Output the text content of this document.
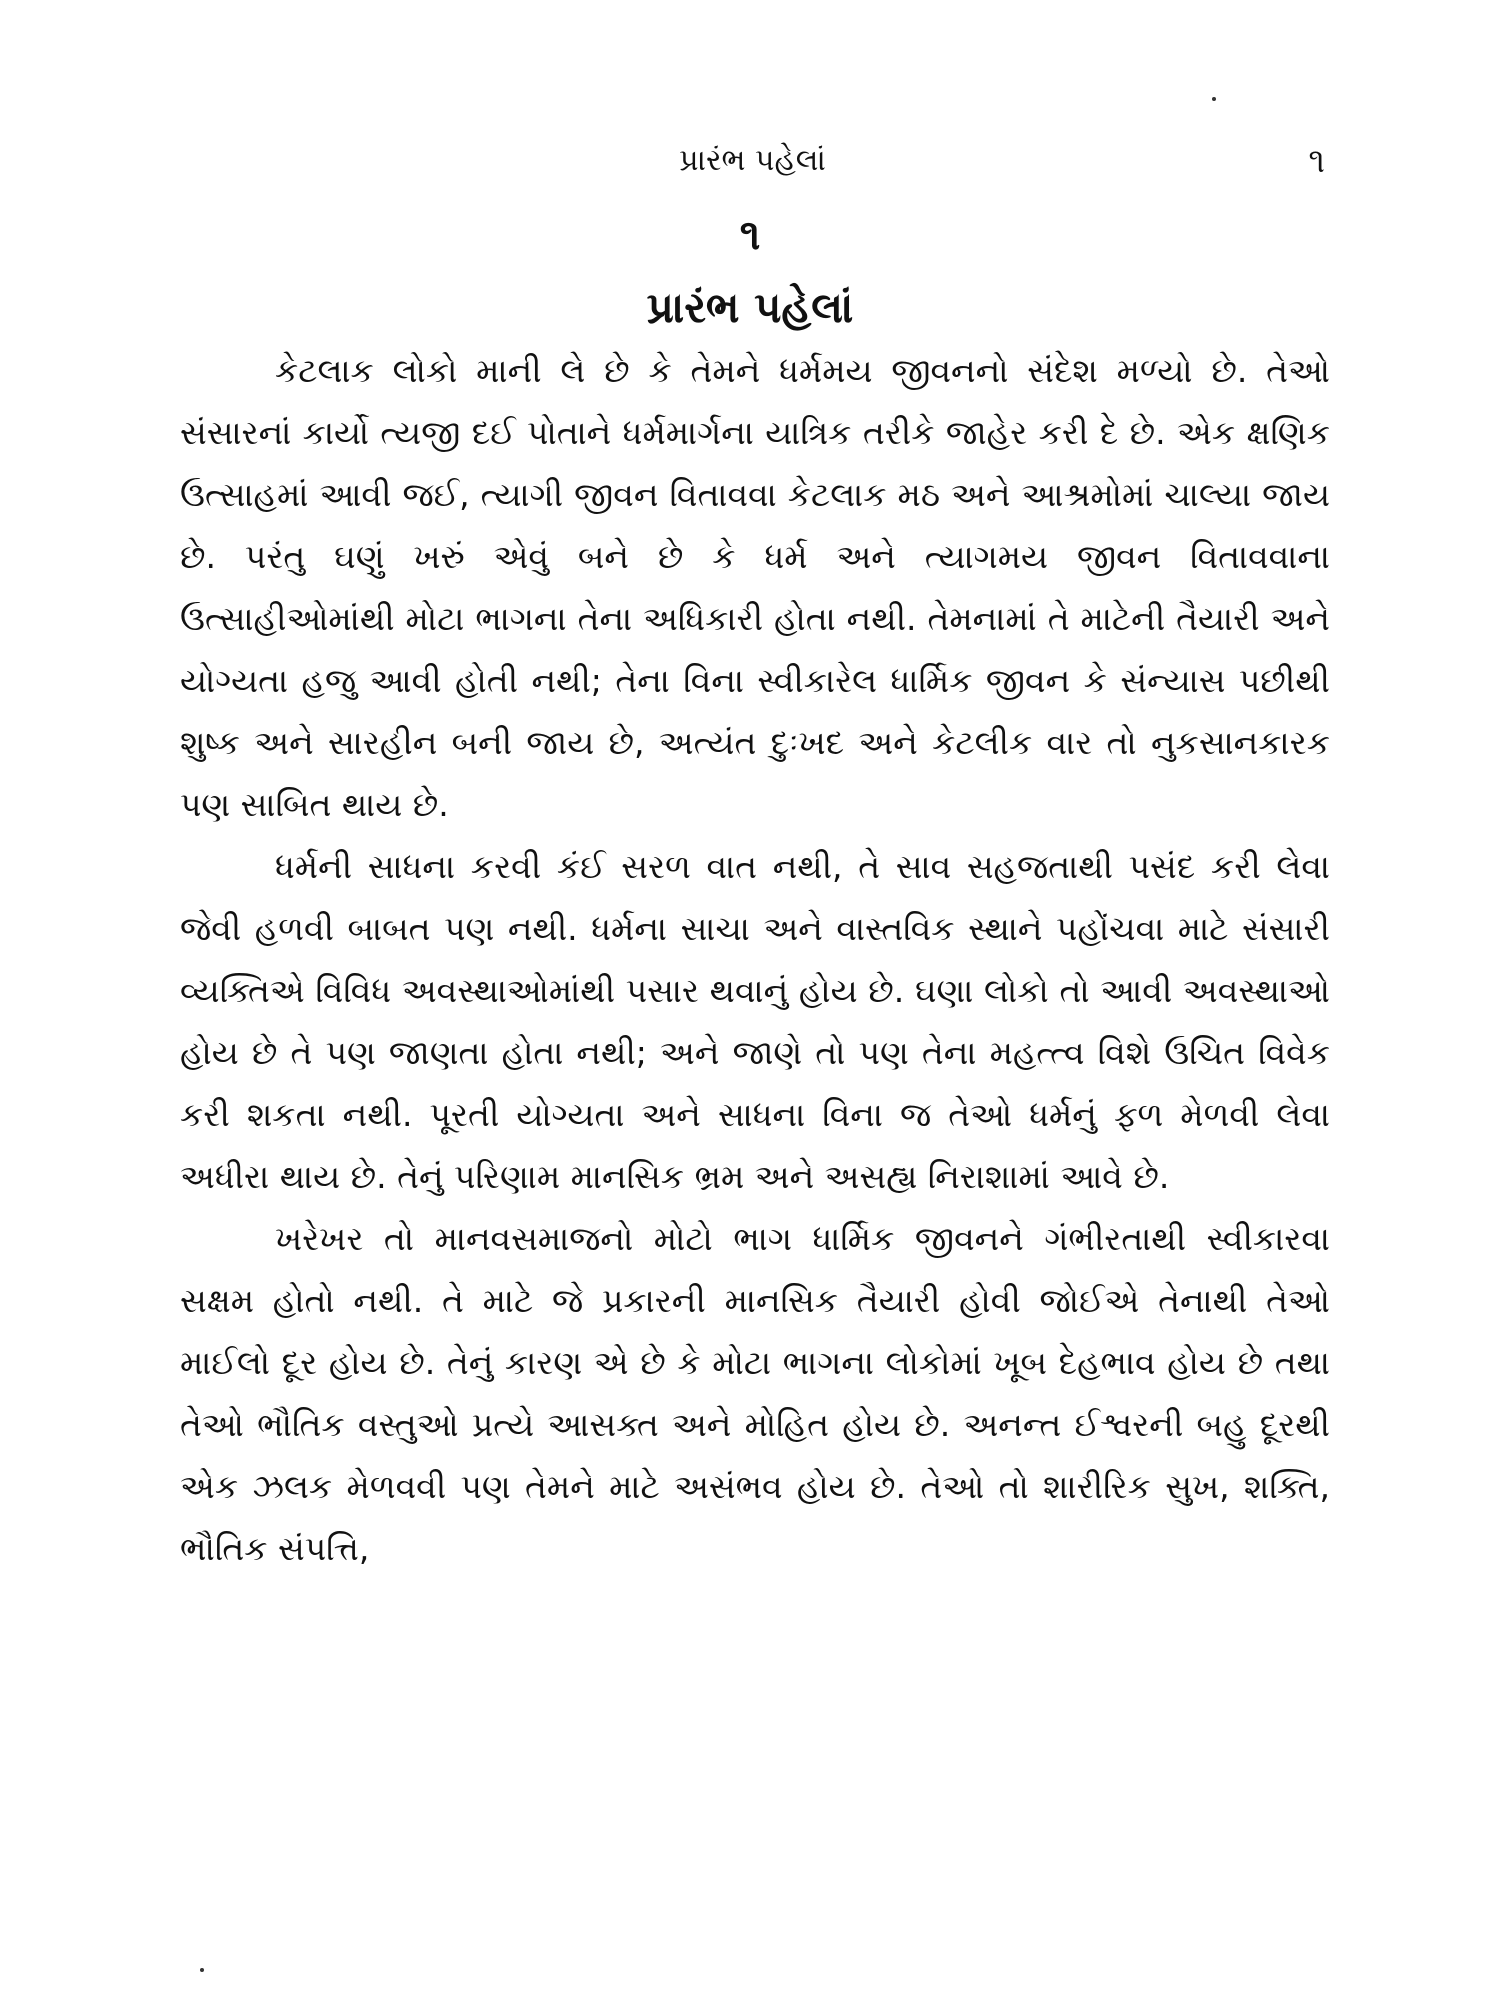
પ્રારંભ પહેલાં	૧
૧
પ્રારંભ પહેલાં

કેટલાક લોકો માની લે છે કે તેમને ધર્મમય જીવનનો સંદેશ મળ્યો છે. તેઓ સંસારનાં કાર્યો ત્યજી દઈ પોતાને ધર્મમાર્ગના યાત્રિક તરીકે જાહેર કરી દે છે. એક ક્ષણિક ઉત્સાહમાં આવી જઈ, ત્યાગી જીવન વિતાવવા કેટલાક મઠ અને આશ્રમોમાં ચાલ્યા જાય છે. પરંતુ ઘણું ખરું એવું બને છે કે ધર્મ અને ત્યાગમય જીવન વિતાવવાના ઉત્સાહીઓમાંથી મોટા ભાગના તેના અધિકારી હોતા નથી. તેમનામાં તે માટેની તૈયારી અને યોગ્યતા હજુ આવી હોતી નથી; તેના વિના સ્વીકારેલ ધાર્મિક જીવન કે સંન્યાસ પછીથી શુષ્ક અને સારહીન બની જાય છે, અત્યંત દુઃખદ અને કેટલીક વાર તો નુકસાનકારક પણ સાબિત થાય છે.

ધર્મની સાધના કરવી કંઈ સરળ વાત નથી, તે સાવ સહજતાથી પસંદ કરી લેવા જેવી હળવી બાબત પણ નથી. ધર્મના સાચા અને વાસ્તવિક સ્થાને પહોંચવા માટે સંસારી વ્યક્તિએ વિવિધ અવસ્થાઓમાંથી પસાર થવાનું હોય છે. ઘણા લોકો તો આવી અવસ્થાઓ હોય છે તે પણ જાણતા હોતા નથી; અને જાણે તો પણ તેના મહત્ત્વ વિશે ઉચિત વિવેક કરી શકતા નથી. પૂરતી યોગ્યતા અને સાધના વિના જ તેઓ ધર્મનું ફળ મેળવી લેવા અધીરા થાય છે. તેનું પરિણામ માનસિક ભ્રમ અને અસહ્ય નિરાશામાં આવે છે.

ખરેખર તો માનવસમાજનો મોટો ભાગ ધાર્મિક જીવનને ગંભીરતાથી સ્વીકારવા સક્ષમ હોતો નથી. તે માટે જે પ્રકારની માનસિક તૈયારી હોવી જોઈએ તેનાથી તેઓ માઈલો દૂર હોય છે. તેનું કારણ એ છે કે મોટા ભાગના લોકોમાં ખૂબ દેહભાવ હોય છે તથા તેઓ ભૌતિક વસ્તુઓ પ્રત્યે આસક્ત અને મોહિત હોય છે. અનન્ત ઈશ્વરની બહુ દૂરથી એક ઝલક મેળવવી પણ તેમને માટે અસંભવ હોય છે. તેઓ તો શારીરિક સુખ, શક્તિ, ભૌતિક સંપત્તિ,
